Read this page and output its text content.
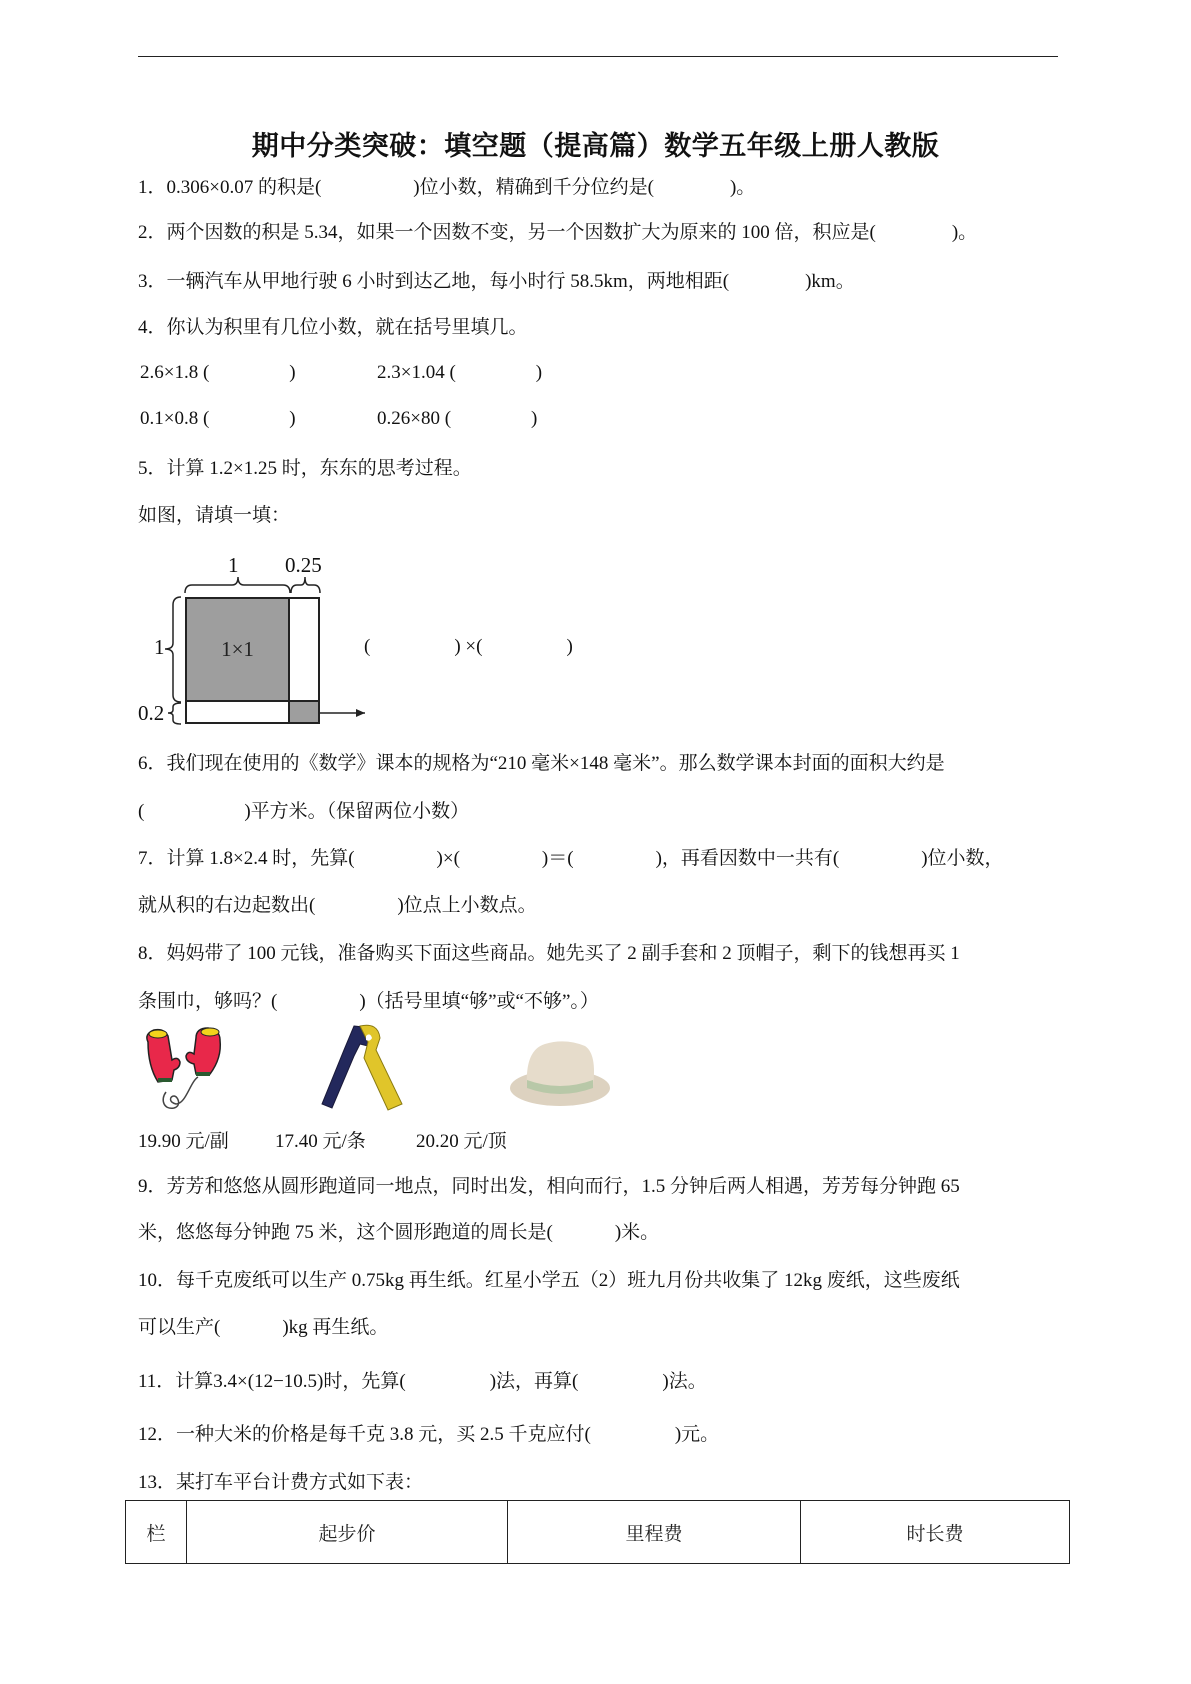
期中分类突破：填空题（提高篇）数学五年级上册人教版
1．0.306×0.07 的积是(	)位小数，精确到千分位约是(	)。
2．两个因数的积是 5.34，如果一个因数不变，另一个因数扩大为原来的 100 倍，积应是(	)。
3．一辆汽车从甲地行驶 6 小时到达乙地，每小时行 58.5km，两地相距(	)km。
4．你认为积里有几位小数，就在括号里填几。
2.6×1.8 (	)	2.3×1.04 (	)
0.1×0.8 (	)	0.26×80 (	)
5．计算 1.2×1.25 时，东东的思考过程。
如图，请填一填：
1 0.25
1
0.2
1×1	(	) ×(	)
6．我们现在使用的《数学》课本的规格为“210 毫米×148 毫米”。那么数学课本封面的面积大约是
(	)平方米。（保留两位小数）
7．计算 1.8×2.4 时，先算(	)×(	)＝(	)，再看因数中一共有(	)位小数，
就从积的右边起数出(	)位点上小数点。
8．妈妈带了 100 元钱，准备购买下面这些商品。她先买了 2 副手套和 2 顶帽子，剩下的钱想再买 1
条围巾，够吗？(	)（括号里填“够”或“不够”。）
19.90 元/副 17.40 元/条	20.20 元/顶
9．芳芳和悠悠从圆形跑道同一地点，同时出发，相向而行，1.5 分钟后两人相遇，芳芳每分钟跑 65
米，悠悠每分钟跑 75 米，这个圆形跑道的周长是(	)米。
10．每千克废纸可以生产 0.75kg 再生纸。红星小学五（2）班九月份共收集了 12kg 废纸，这些废纸
可以生产(	)kg 再生纸。
11．计算3.4×(12−10.5)时，先算(	)法，再算(	)法。
12．一种大米的价格是每千克 3.8 元，买 2.5 千克应付(	)元。
13．某打车平台计费方式如下表：
栏	起步价	里程费	时长费
